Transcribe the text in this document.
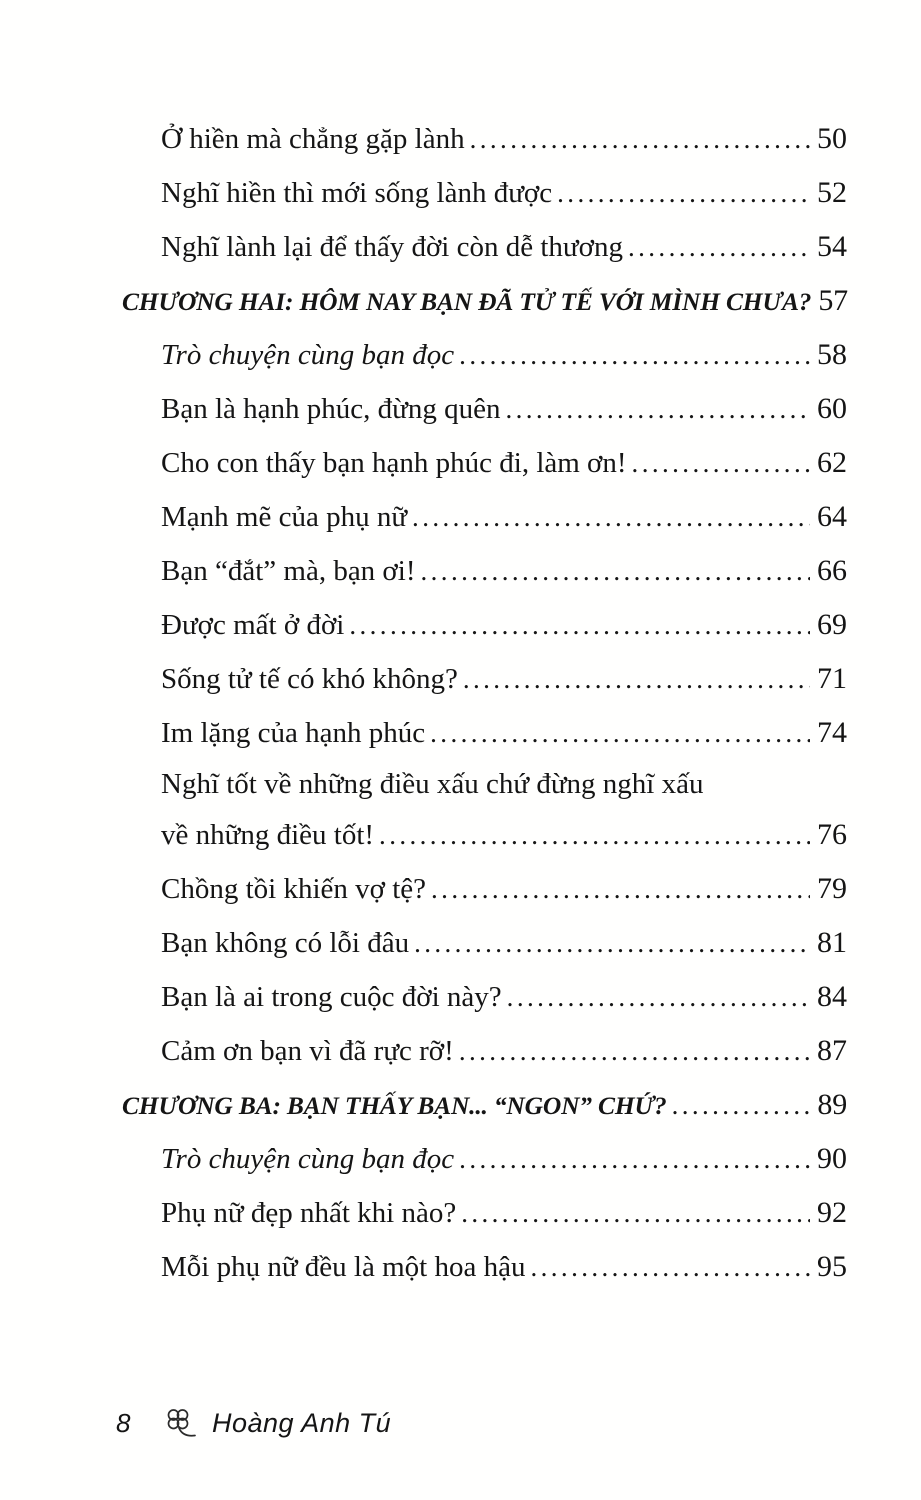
Ở hiền mà chẳng gặp lành .....	50
Nghĩ hiền thì mới sống lành được .....	52
Nghĩ lành lại để thấy đời còn dễ thương .....	54
CHƯƠNG HAI: HÔM NAY BẠN ĐÃ TỬ TẾ VỚI MÌNH CHƯA? 57
Trò chuyện cùng bạn đọc .....	58
Bạn là hạnh phúc, đừng quên .....	60
Cho con thấy bạn hạnh phúc đi, làm ơn! .....	62
Mạnh mẽ của phụ nữ .....	64
Bạn “đắt” mà, bạn ơi! .....	66
Được mất ở đời .....	69
Sống tử tế có khó không? .....	71
Im lặng của hạnh phúc .....	74
Nghĩ tốt về những điều xấu chứ đừng nghĩ xấu
về những điều tốt! .....	76
Chồng tồi khiến vợ tệ? .....	79
Bạn không có lỗi đâu .....	81
Bạn là ai trong cuộc đời này? .....	84
Cảm ơn bạn vì đã rực rỡ! .....	87
CHƯƠNG BA: BẠN THẤY BẠN... “NGON” CHỨ? .....	89
Trò chuyện cùng bạn đọc .....	90
Phụ nữ đẹp nhất khi nào? .....	92
Mỗi phụ nữ đều là một hoa hậu .....	95
8	Hoàng Anh Tú
